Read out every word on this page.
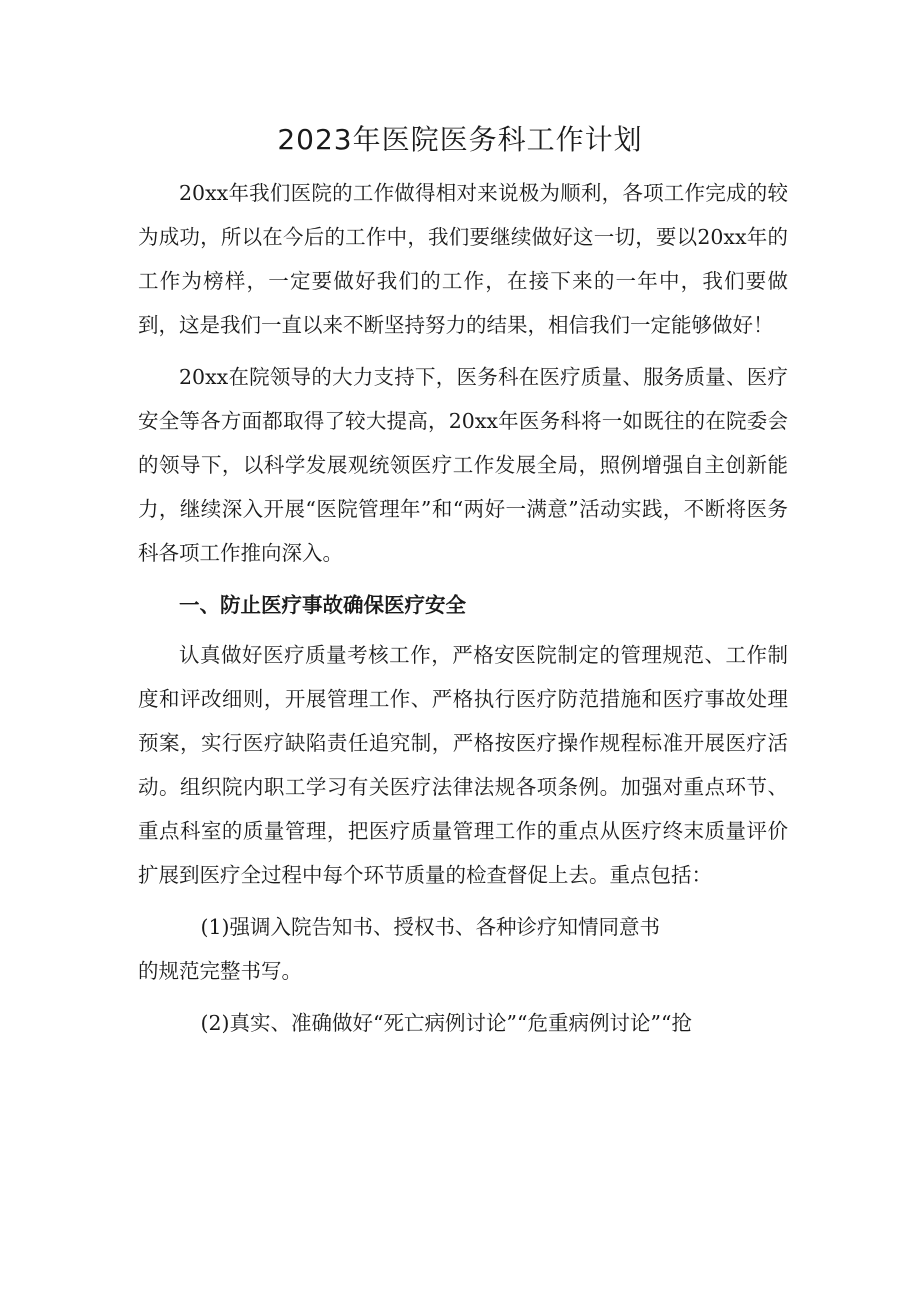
2023年医院医务科工作计划

20xx年我们医院的工作做得相对来说极为顺利，各项工作完成的较为成功，所以在今后的工作中，我们要继续做好这一切，要以20xx年的工作为榜样，一定要做好我们的工作，在接下来的一年中，我们要做到，这是我们一直以来不断坚持努力的结果，相信我们一定能够做好！

20xx在院领导的大力支持下，医务科在医疗质量、服务质量、医疗安全等各方面都取得了较大提高，20xx年医务科将一如既往的在院委会的领导下，以科学发展观统领医疗工作发展全局，照例增强自主创新能力，继续深入开展“医院管理年”和“两好一满意”活动实践，不断将医务科各项工作推向深入。

一、防止医疗事故确保医疗安全

认真做好医疗质量考核工作，严格安医院制定的管理规范、工作制度和评改细则，开展管理工作、严格执行医疗防范措施和医疗事故处理预案，实行医疗缺陷责任追究制，严格按医疗操作规程标准开展医疗活动。组织院内职工学习有关医疗法律法规各项条例。加强对重点环节、重点科室的质量管理，把医疗质量管理工作的重点从医疗终末质量评价扩展到医疗全过程中每个环节质量的检查督促上去。重点包括：

(1)强调入院告知书、授权书、各种诊疗知情同意书

的规范完整书写。

(2)真实、准确做好“死亡病例讨论”“危重病例讨论”“抢
